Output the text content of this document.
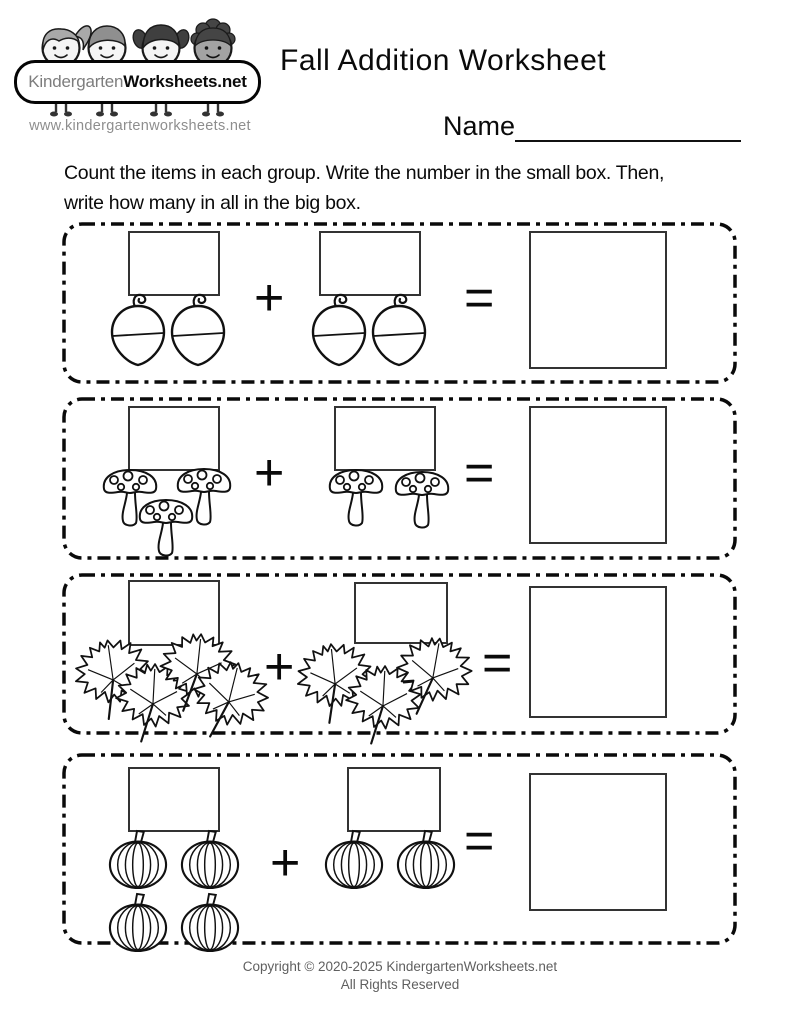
Kindergarten Worksheets.net
www.kindergartenworksheets.net
Fall Addition Worksheet
Name
Count the items in each group. Write the number in the small box. Then,
write how many in all in the big box.
+	=
+	=
+	=
+	=
Copyright © 2020-2025 KindergartenWorksheets.net
All Rights Reserved
